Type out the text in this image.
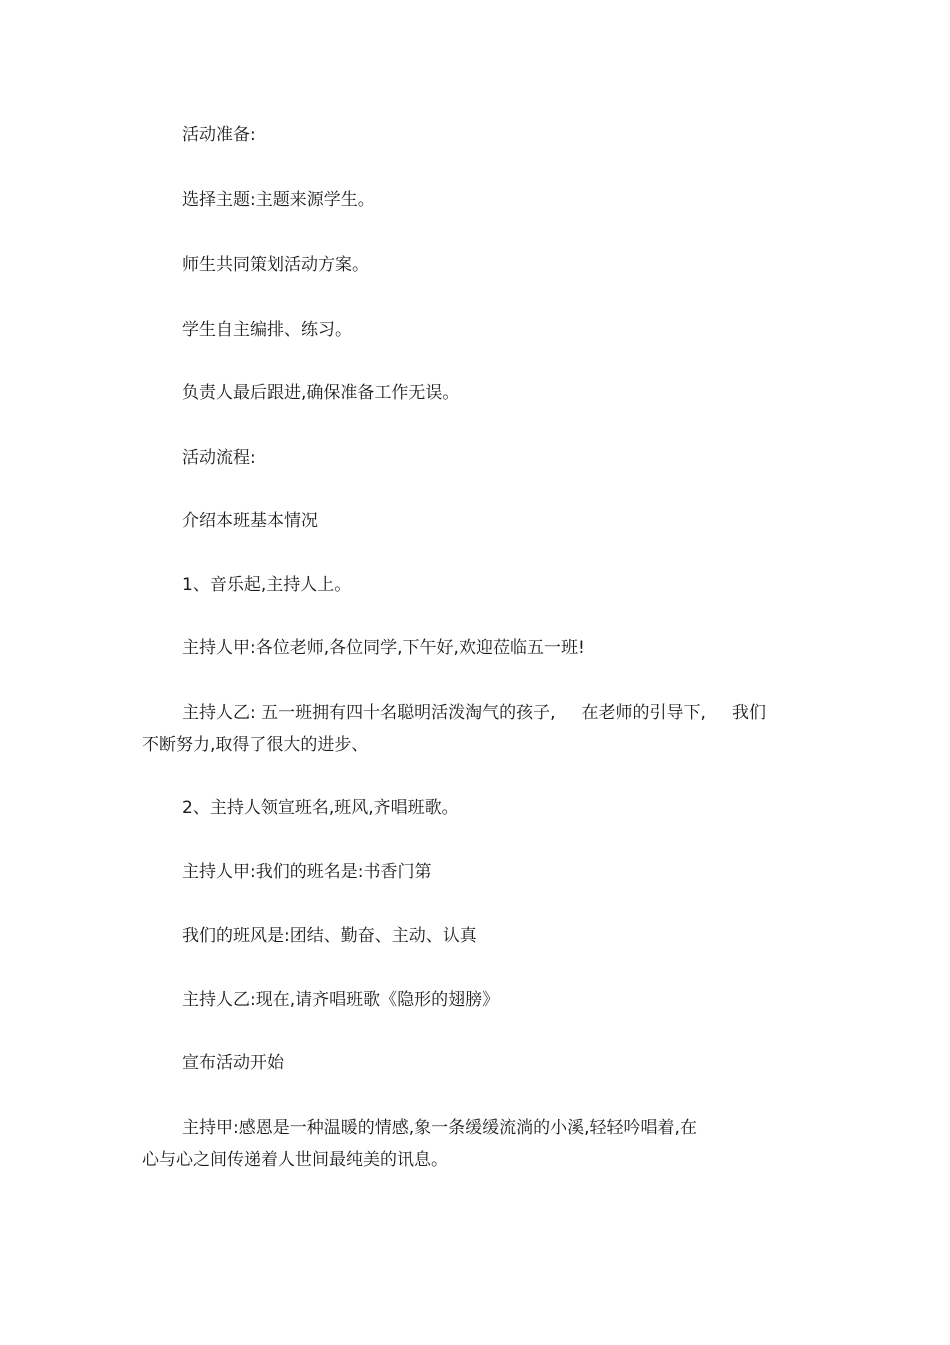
活动准备:

选择主题:主题来源学生。

师生共同策划活动方案。

学生自主编排、练习。

负责人最后跟进,确保准备工作无误。

活动流程:

介绍本班基本情况

1、音乐起,主持人上。

主持人甲:各位老师,各位同学,下午好,欢迎莅临五一班!

主持人乙: 五一班拥有四十名聪明活泼淘气的孩子, 在老师的引导下, 我们

不断努力,取得了很大的进步、

2、主持人领宣班名,班风,齐唱班歌。

主持人甲:我们的班名是:书香门第

我们的班风是:团结、勤奋、主动、认真

主持人乙:现在,请齐唱班歌《隐形的翅膀》

宣布活动开始

主持甲:感恩是一种温暖的情感,象一条缓缓流淌的小溪,轻轻吟唱着,在

心与心之间传递着人世间最纯美的讯息。
